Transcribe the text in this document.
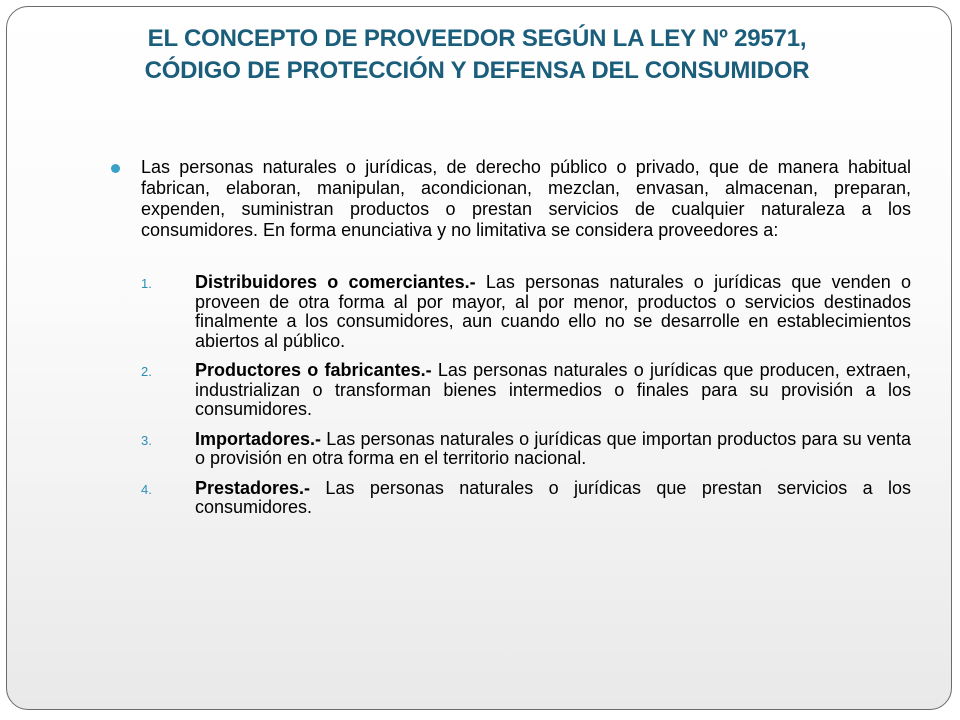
EL CONCEPTO DE PROVEEDOR SEGÚN LA LEY Nº 29571,
CÓDIGO DE PROTECCIÓN Y DEFENSA DEL CONSUMIDOR
Las personas naturales o jurídicas, de derecho público o privado, que de manera habitual fabrican, elaboran, manipulan, acondicionan, mezclan, envasan, almacenan, preparan, expenden, suministran productos o prestan servicios de cualquier naturaleza a los consumidores. En forma enunciativa y no limitativa se considera proveedores a:
1. Distribuidores o comerciantes.- Las personas naturales o jurídicas que venden o proveen de otra forma al por mayor, al por menor, productos o servicios destinados finalmente a los consumidores, aun cuando ello no se desarrolle en establecimientos abiertos al público.
2. Productores o fabricantes.- Las personas naturales o jurídicas que producen, extraen, industrializan o transforman bienes intermedios o finales para su provisión a los consumidores.
3. Importadores.- Las personas naturales o jurídicas que importan productos para su venta o provisión en otra forma en el territorio nacional.
4. Prestadores.- Las personas naturales o jurídicas que prestan servicios a los consumidores.
